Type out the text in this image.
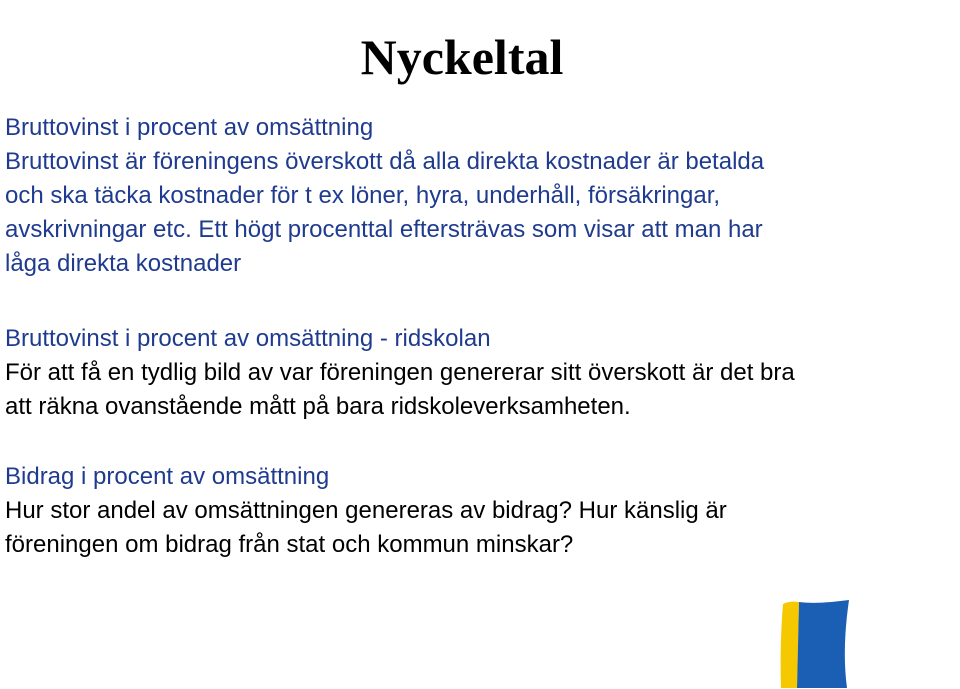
Nyckeltal
Bruttovinst i procent av omsättning
Bruttovinst är föreningens överskott då alla direkta kostnader är betalda
och ska täcka kostnader för t ex löner, hyra, underhåll, försäkringar,
avskrivningar etc. Ett högt procenttal eftersträvas som visar att man har
låga direkta kostnader
Bruttovinst i procent av omsättning - ridskolan
För att få en tydlig bild av var föreningen genererar sitt överskott är det bra
att räkna ovanstående mått på bara ridskoleverksamheten.
Bidrag i procent av omsättning
Hur stor andel av omsättningen genereras av bidrag? Hur känslig är
föreningen om bidrag från stat och kommun minskar?
